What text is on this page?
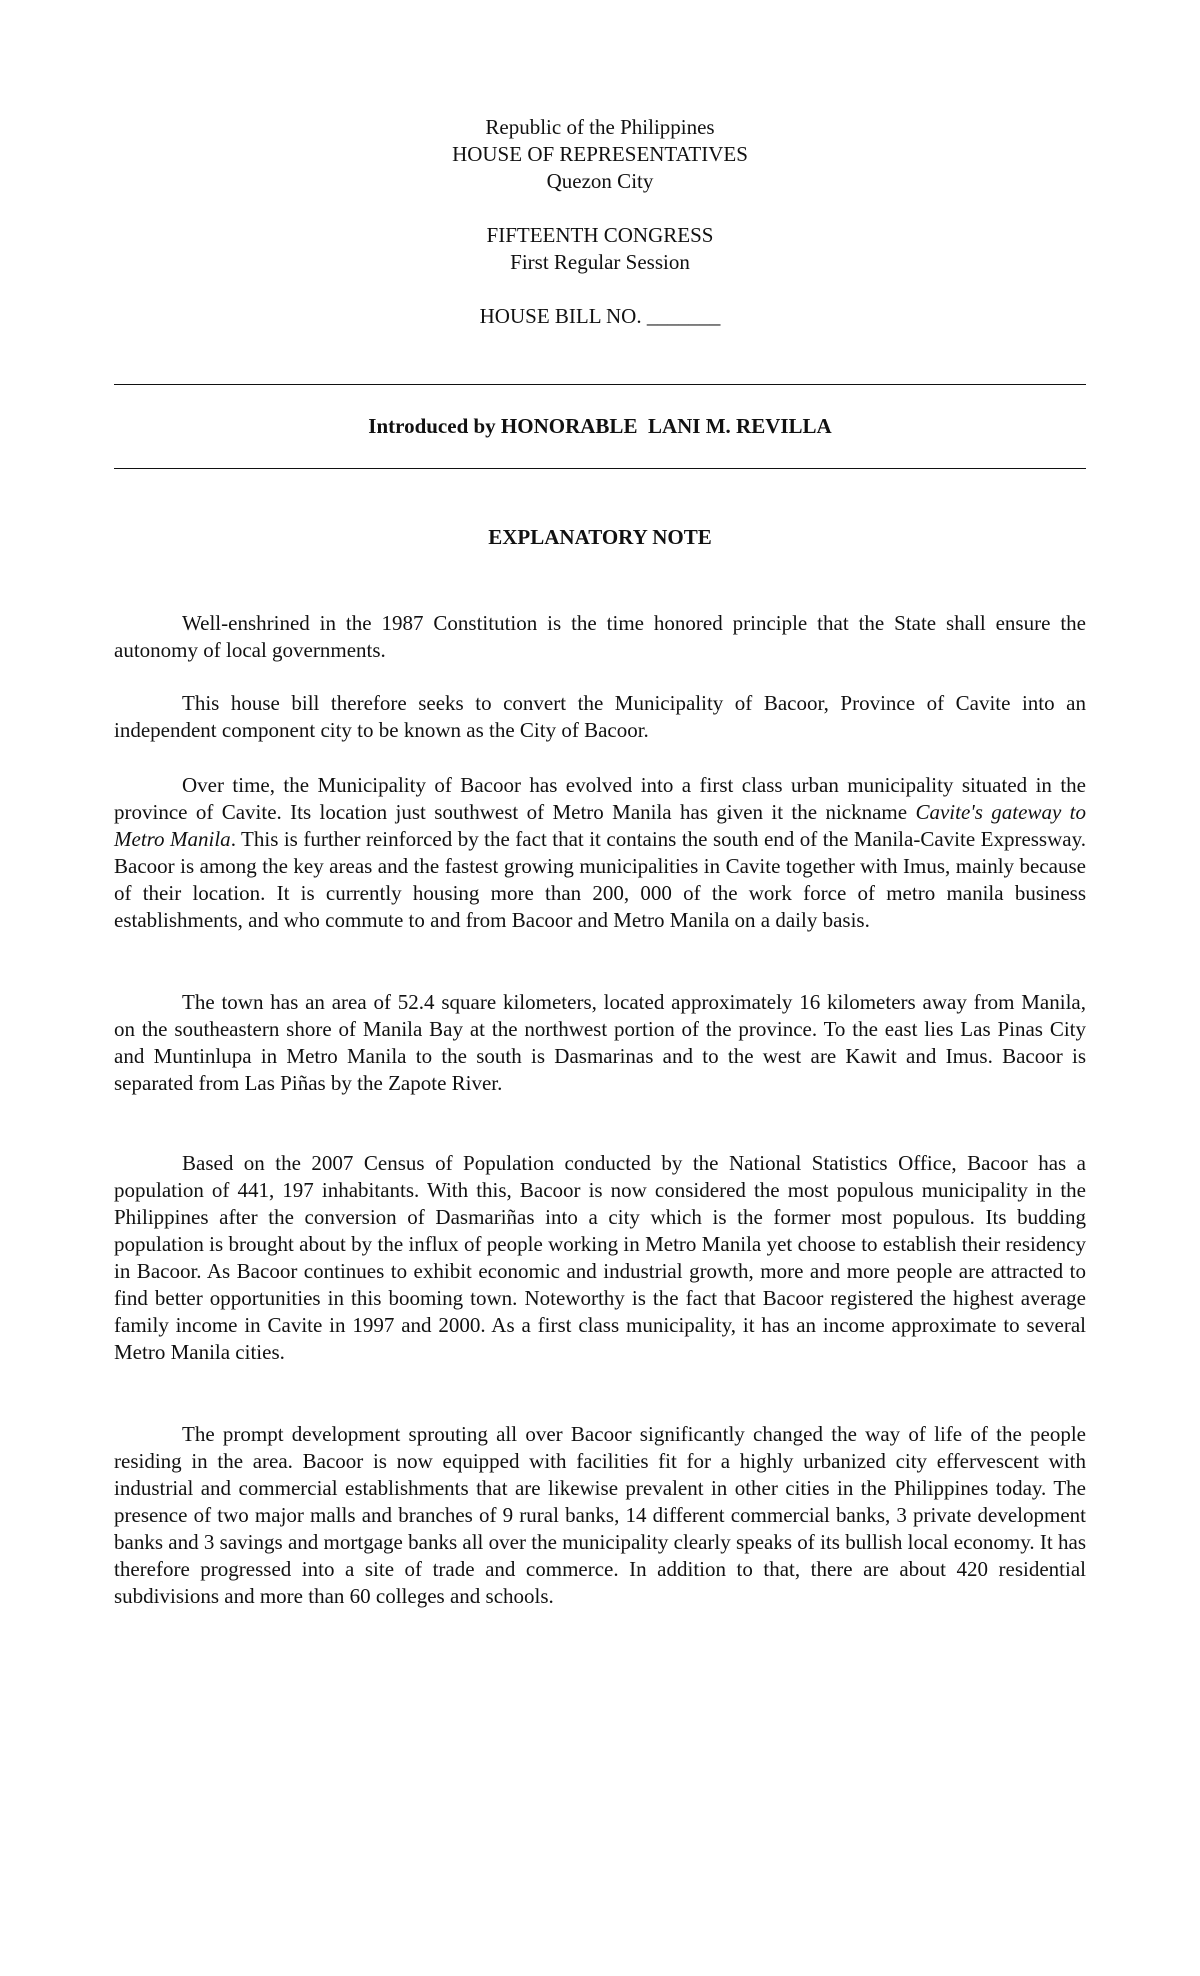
Republic of the Philippines
HOUSE OF REPRESENTATIVES
Quezon City
FIFTEENTH CONGRESS
First Regular Session
HOUSE BILL NO. _______
Introduced by HONORABLE  LANI M. REVILLA
EXPLANATORY NOTE

Well-enshrined in the 1987 Constitution is the time honored principle that the State shall ensure the autonomy of local governments.

This house bill therefore seeks to convert the Municipality of Bacoor, Province of Cavite into an independent component city to be known as the City of Bacoor.

Over time, the Municipality of Bacoor has evolved into a first class urban municipality situated in the province of Cavite. Its location just southwest of Metro Manila has given it the nickname Cavite's gateway to Metro Manila. This is further reinforced by the fact that it contains the south end of the Manila-Cavite Expressway. Bacoor is among the key areas and the fastest growing municipalities in Cavite together with Imus, mainly because of their location. It is currently housing more than 200, 000 of the work force of metro manila business establishments, and who commute to and from Bacoor and Metro Manila on a daily basis.

The town has an area of 52.4 square kilometers, located approximately 16 kilometers away from Manila, on the southeastern shore of Manila Bay at the northwest portion of the province. To the east lies Las Pinas City and Muntinlupa in Metro Manila to the south is Dasmarinas and to the west are Kawit and Imus. Bacoor is separated from Las Piñas by the Zapote River.

Based on the 2007 Census of Population conducted by the National Statistics Office, Bacoor has a population of 441, 197 inhabitants. With this, Bacoor is now considered the most populous municipality in the Philippines after the conversion of Dasmariñas into a city which is the former most populous. Its budding population is brought about by the influx of people working in Metro Manila yet choose to establish their residency in Bacoor. As Bacoor continues to exhibit economic and industrial growth, more and more people are attracted to find better opportunities in this booming town. Noteworthy is the fact that Bacoor registered the highest average family income in Cavite in 1997 and 2000. As a first class municipality, it has an income approximate to several Metro Manila cities.

The prompt development sprouting all over Bacoor significantly changed the way of life of the people residing in the area. Bacoor is now equipped with facilities fit for a highly urbanized city effervescent with industrial and commercial establishments that are likewise prevalent in other cities in the Philippines today. The presence of two major malls and branches of 9 rural banks, 14 different commercial banks, 3 private development banks and 3 savings and mortgage banks all over the municipality clearly speaks of its bullish local economy. It has therefore progressed into a site of trade and commerce. In addition to that, there are about 420 residential subdivisions and more than 60 colleges and schools.
